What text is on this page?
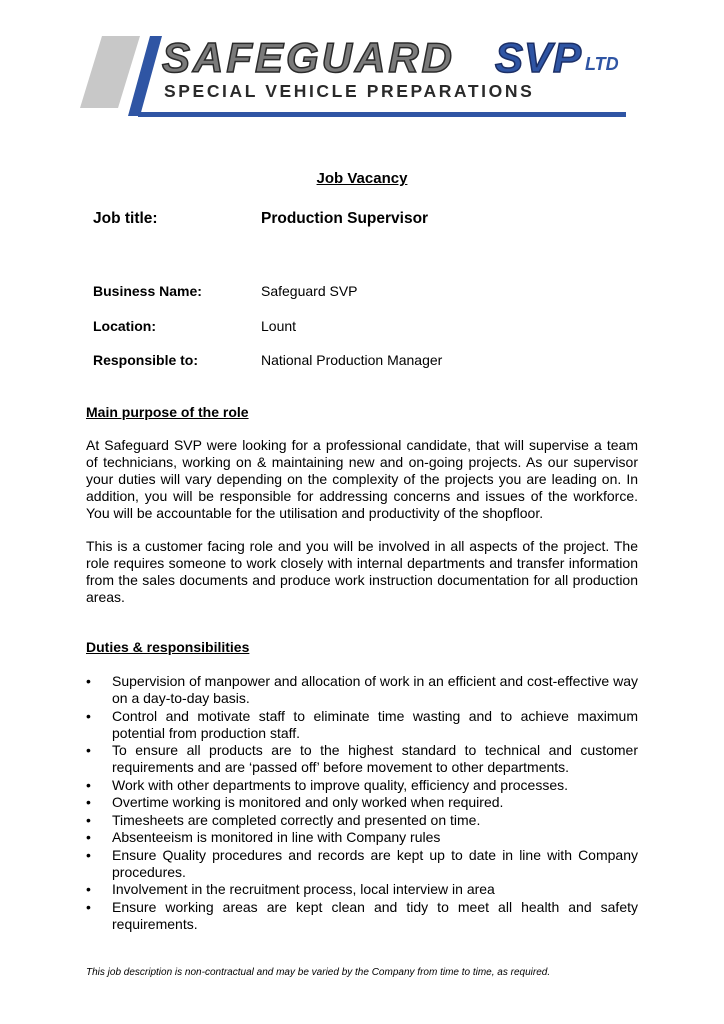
SAFEGUARD SVP LTD
SPECIAL VEHICLE PREPARATIONS
Job Vacancy
Job title:	Production Supervisor
Business Name:	Safeguard SVP
Location:	Lount
Responsible to:	National Production Manager
Main purpose of the role

At Safeguard SVP were looking for a professional candidate, that will supervise a team of technicians, working on & maintaining new and on-going projects. As our supervisor your duties will vary depending on the complexity of the projects you are leading on. In addition, you will be responsible for addressing concerns and issues of the workforce. You will be accountable for the utilisation and productivity of the shopfloor.

This is a customer facing role and you will be involved in all aspects of the project. The role requires someone to work closely with internal departments and transfer information from the sales documents and produce work instruction documentation for all production areas.

Duties & responsibilities
• Supervision of manpower and allocation of work in an efficient and cost-effective way on a day-to-day basis.
• Control and motivate staff to eliminate time wasting and to achieve maximum potential from production staff.
• To ensure all products are to the highest standard to technical and customer requirements and are ‘passed off’ before movement to other departments.
• Work with other departments to improve quality, efficiency and processes.
• Overtime working is monitored and only worked when required.
• Timesheets are completed correctly and presented on time.
• Absenteeism is monitored in line with Company rules
• Ensure Quality procedures and records are kept up to date in line with Company procedures.
• Involvement in the recruitment process, local interview in area
• Ensure working areas are kept clean and tidy to meet all health and safety requirements.
This job description is non-contractual and may be varied by the Company from time to time, as required.
